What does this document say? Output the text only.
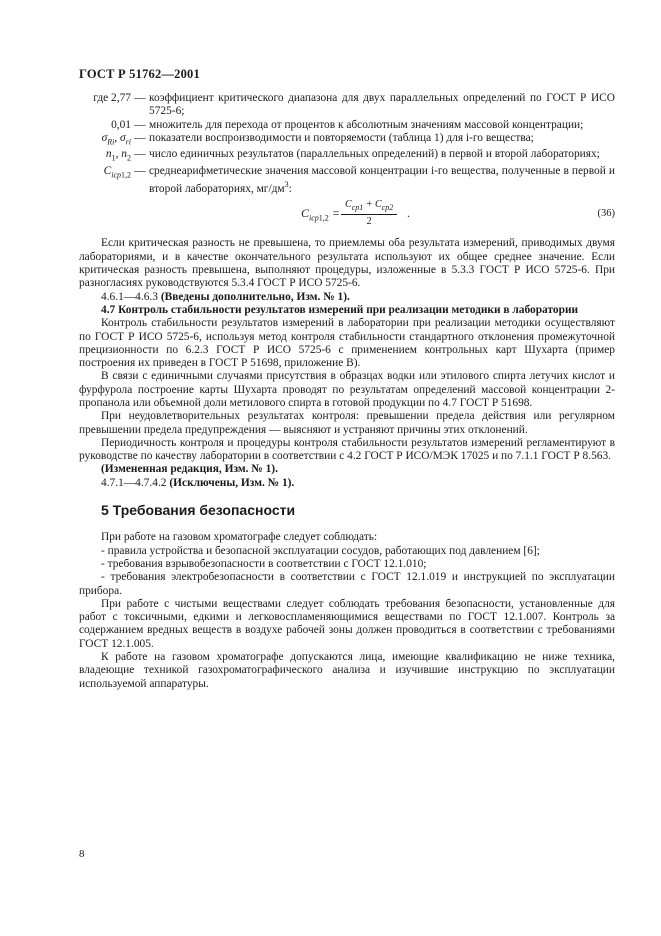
ГОСТ Р 51762—2001
где 2,77 — коэффициент критического диапазона для двух параллельных определений по ГОСТ Р ИСО 5725-6;
0,01 — множитель для перехода от процентов к абсолютным значениям массовой концентрации;
$\sigma_{Ri}$, $\sigma_{ri}$ — показатели воспроизводимости и повторяемости (таблица 1) для i-го вещества;
$n_1$, $n_2$ — число единичных результатов (параллельных определений) в первой и второй лабораториях;
$C_{icp1,2}$ — среднеарифметические значения массовой концентрации i-го вещества, полученные в первой и второй лабораториях, $мг/дм^3$:
$C_{icp1,2}$ =
$C_{cp1} + C_{cp2}$
2
.	(36)

Если критическая разность не превышена, то приемлемы оба результата измерений, приводимых двумя лабораториями, и в качестве окончательного результата используют их общее среднее значение. Если критическая разность превышена, выполняют процедуры, изложенные в 5.3.3 ГОСТ Р ИСО 5725-6. При разногласиях руководствуются 5.3.4 ГОСТ Р ИСО 5725-6.

4.6.1—4.6.3 (Введены дополнительно, Изм. № 1).

4.7 Контроль стабильности результатов измерений при реализации методики в лаборатории

Контроль стабильности результатов измерений в лаборатории при реализации методики осуществляют по ГОСТ Р ИСО 5725-6, используя метод контроля стабильности стандартного отклонения промежуточной прецизионности по 6.2.3 ГОСТ Р ИСО 5725-6 с применением контрольных карт Шухарта (пример построения их приведен в ГОСТ Р 51698, приложение В).

В связи с единичными случаями присутствия в образцах водки или этилового спирта летучих кислот и фурфурола построение карты Шухарта проводят по результатам определений массовой концентрации 2-пропанола или объемной доли метилового спирта в готовой продукции по 4.7 ГОСТ Р 51698.

При неудовлетворительных результатах контроля: превышении предела действия или регулярном превышении предела предупреждения — выясняют и устраняют причины этих отклонений.

Периодичность контроля и процедуры контроля стабильности результатов измерений регламентируют в руководстве по качеству лаборатории в соответствии с 4.2 ГОСТ Р ИСО/МЭК 17025 и по 7.1.1 ГОСТ Р 8.563.

(Измененная редакция, Изм. № 1).

4.7.1—4.7.4.2 (Исключены, Изм. № 1).

5 Требования безопасности

При работе на газовом хроматографе следует соблюдать:

- правила устройства и безопасной эксплуатации сосудов, работающих под давлением [6];

- требования взрывобезопасности в соответствии с ГОСТ 12.1.010;

- требования электробезопасности в соответствии с ГОСТ 12.1.019 и инструкцией по эксплуатации прибора.

При работе с чистыми веществами следует соблюдать требования безопасности, установленные для работ с токсичными, едкими и легковоспламеняющимися веществами по ГОСТ 12.1.007. Контроль за содержанием вредных веществ в воздухе рабочей зоны должен проводиться в соответствии с требованиями ГОСТ 12.1.005.

К работе на газовом хроматографе допускаются лица, имеющие квалификацию не ниже техника, владеющие техникой газохроматографического анализа и изучившие инструкцию по эксплуатации используемой аппаратуры.

8
